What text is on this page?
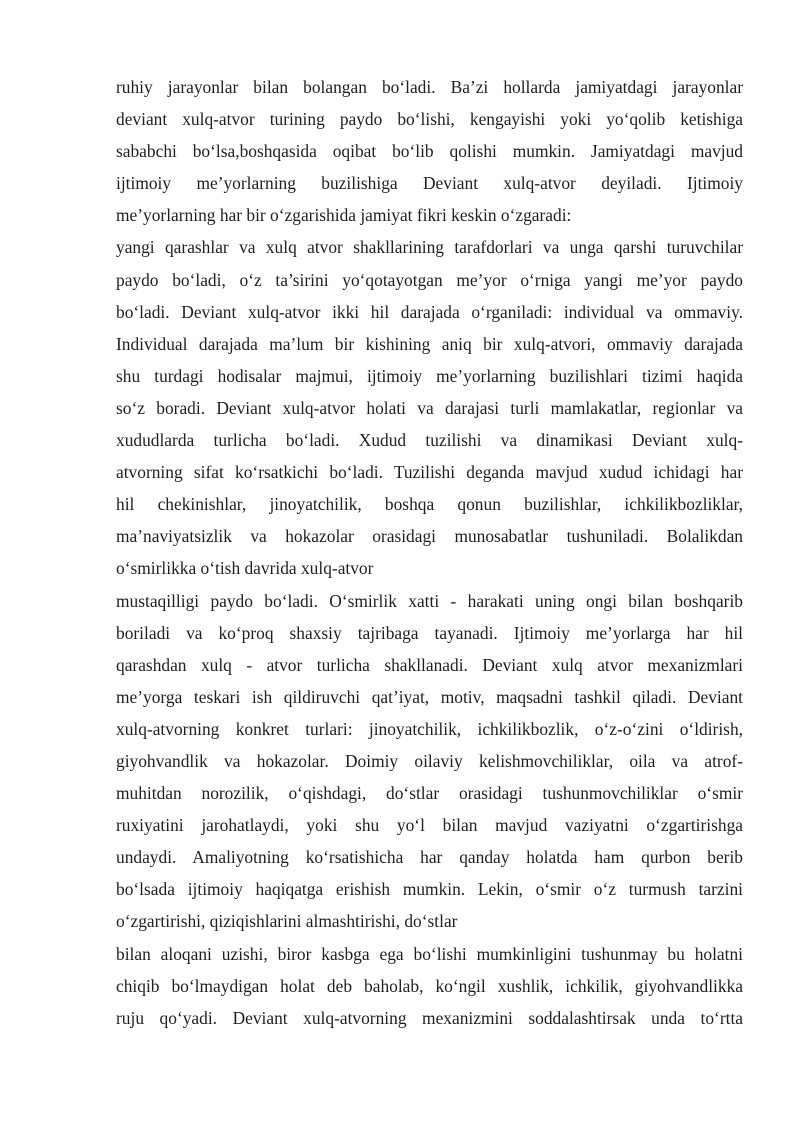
ruhiy jarayonlar bilan bolangan bo‘ladi. Ba’zi hollarda jamiyatdagi jarayonlar
deviant xulq-atvor turining paydo bo‘lishi, kengayishi yoki yo‘qolib ketishiga
sababchi bo‘lsa,boshqasida oqibat bo‘lib qolishi mumkin. Jamiyatdagi mavjud
ijtimoiy me’yorlarning buzilishiga Deviant xulq-atvor deyiladi. Ijtimoiy
me’yorlarning har bir o‘zgarishida jamiyat fikri keskin o‘zgaradi:
yangi qarashlar va xulq atvor shakllarining tarafdorlari va unga qarshi turuvchilar
paydo bo‘ladi, o‘z ta’sirini yo‘qotayotgan me’yor o‘rniga yangi me’yor paydo
bo‘ladi. Deviant xulq-atvor ikki hil darajada o‘rganiladi: individual va ommaviy.
Individual darajada ma’lum bir kishining aniq bir xulq-atvori, ommaviy darajada
shu turdagi hodisalar majmui, ijtimoiy me’yorlarning buzilishlari tizimi haqida
so‘z boradi. Deviant xulq-atvor holati va darajasi turli mamlakatlar, regionlar va
xududlarda turlicha bo‘ladi. Xudud tuzilishi va dinamikasi Deviant xulq-
atvorning sifat ko‘rsatkichi bo‘ladi. Tuzilishi deganda mavjud xudud ichidagi har
hil chekinishlar, jinoyatchilik, boshqa qonun buzilishlar, ichkilikbozliklar,
ma’naviyatsizlik va hokazolar orasidagi munosabatlar tushuniladi. Bolalikdan
o‘smirlikka o‘tish davrida xulq-atvor
mustaqilligi paydo bo‘ladi. O‘smirlik xatti - harakati uning ongi bilan boshqarib
boriladi va ko‘proq shaxsiy tajribaga tayanadi. Ijtimoiy me’yorlarga har hil
qarashdan xulq - atvor turlicha shakllanadi. Deviant xulq atvor mexanizmlari
me’yorga teskari ish qildiruvchi qat’iyat, motiv, maqsadni tashkil qiladi. Deviant
xulq-atvorning konkret turlari: jinoyatchilik, ichkilikbozlik, o‘z-o‘zini o‘ldirish,
giyohvandlik va hokazolar. Doimiy oilaviy kelishmovchiliklar, oila va atrof-
muhitdan norozilik, o‘qishdagi, do‘stlar orasidagi tushunmovchiliklar o‘smir
ruxiyatini jarohatlaydi, yoki shu yo‘l bilan mavjud vaziyatni o‘zgartirishga
undaydi. Amaliyotning ko‘rsatishicha har qanday holatda ham qurbon berib
bo‘lsada ijtimoiy haqiqatga erishish mumkin. Lekin, o‘smir o‘z turmush tarzini
o‘zgartirishi, qiziqishlarini almashtirishi, do‘stlar
bilan aloqani uzishi, biror kasbga ega bo‘lishi mumkinligini tushunmay bu holatni
chiqib bo‘lmaydigan holat deb baholab, ko‘ngil xushlik, ichkilik, giyohvandlikka
ruju qo‘yadi. Deviant xulq-atvorning mexanizmini soddalashtirsak unda to‘rtta
